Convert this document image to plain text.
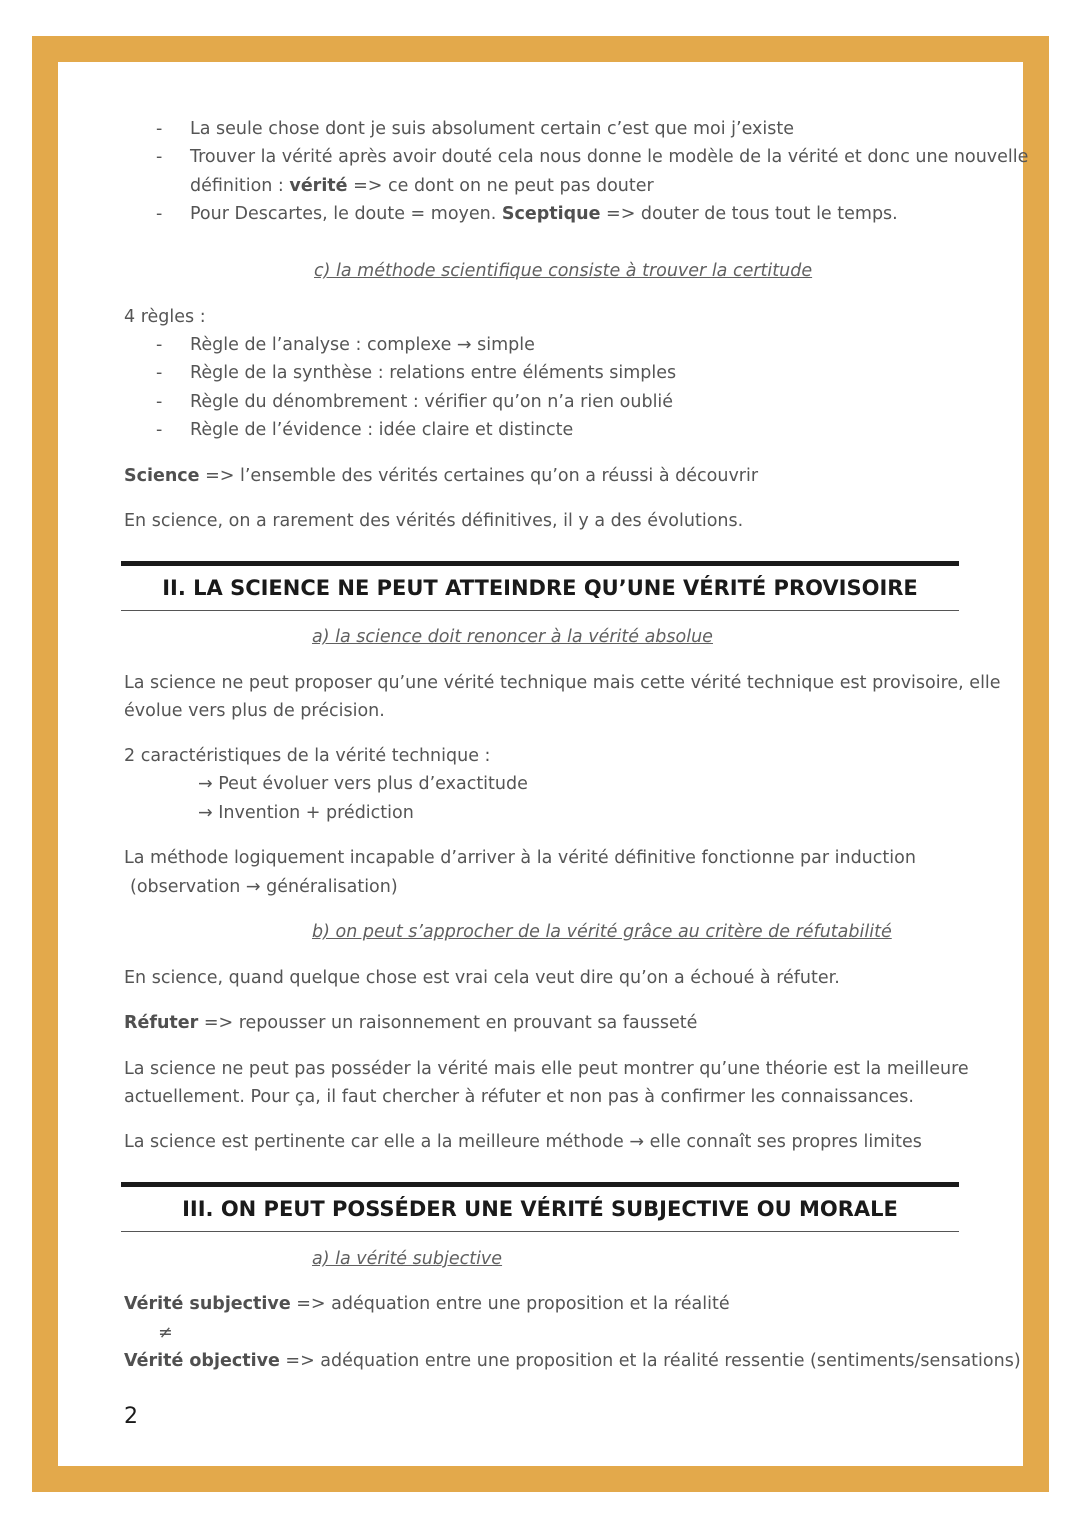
- La seule chose dont je suis absolument certain c’est que moi j’existe

- Trouver la vérité après avoir douté cela nous donne le modèle de la vérité et donc une nouvelle

définition : vérité => ce dont on ne peut pas douter

- Pour Descartes, le doute = moyen. Sceptique => douter de tous tout le temps.

c) la méthode scientifique consiste à trouver la certitude

4 règles :

- Règle de l’analyse : complexe → simple

- Règle de la synthèse : relations entre éléments simples

- Règle du dénombrement : vérifier qu’on n’a rien oublié

- Règle de l’évidence : idée claire et distincte

Science => l’ensemble des vérités certaines qu’on a réussi à découvrir

En science, on a rarement des vérités définitives, il y a des évolutions.

II. LA SCIENCE NE PEUT ATTEINDRE QU’UNE VÉRITÉ PROVISOIRE
a) la science doit renoncer à la vérité absolue

La science ne peut proposer qu’une vérité technique mais cette vérité technique est provisoire, elle

évolue vers plus de précision.

2 caractéristiques de la vérité technique :

→ Peut évoluer vers plus d’exactitude

→ Invention + prédiction

La méthode logiquement incapable d’arriver à la vérité définitive fonctionne par induction

(observation → généralisation)

b) on peut s’approcher de la vérité grâce au critère de réfutabilité

En science, quand quelque chose est vrai cela veut dire qu’on a échoué à réfuter.

Réfuter => repousser un raisonnement en prouvant sa fausseté

La science ne peut pas posséder la vérité mais elle peut montrer qu’une théorie est la meilleure

actuellement. Pour ça, il faut chercher à réfuter et non pas à confirmer les connaissances.

La science est pertinente car elle a la meilleure méthode → elle connaît ses propres limites

III. ON PEUT POSSÉDER UNE VÉRITÉ SUBJECTIVE OU MORALE
a) la vérité subjective

Vérité subjective => adéquation entre une proposition et la réalité

≠

Vérité objective => adéquation entre une proposition et la réalité ressentie (sentiments/sensations)

2
